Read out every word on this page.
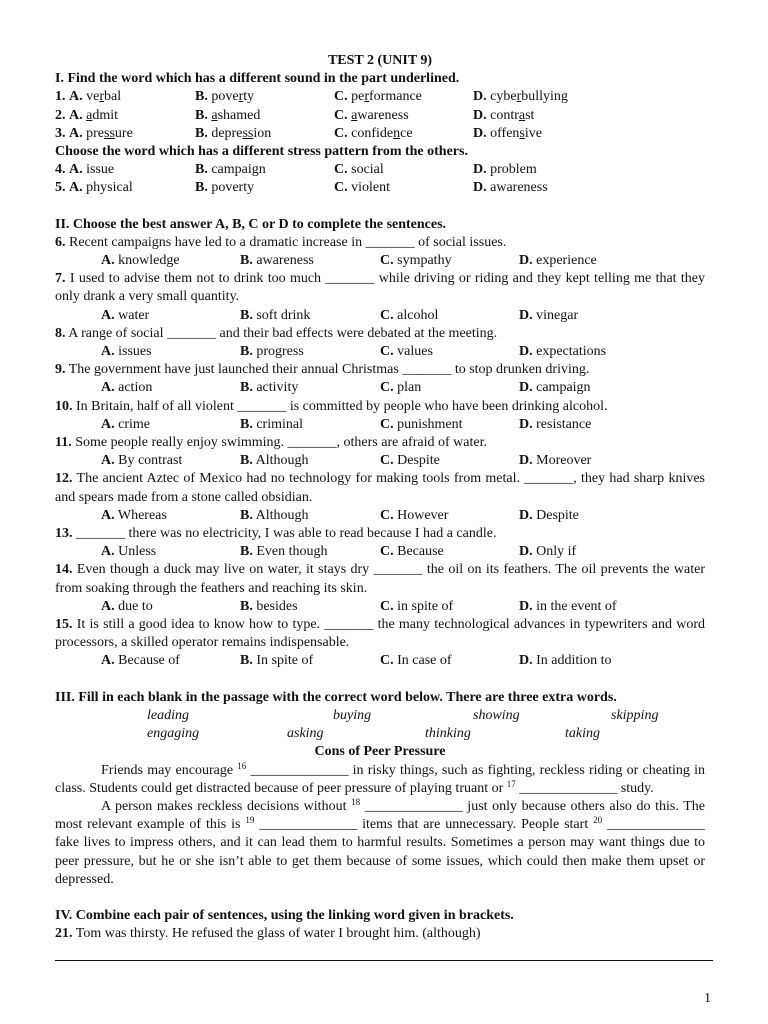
TEST 2 (UNIT 9)
I. Find the word which has a different sound in the part underlined.
1. A. verbal	B. poverty	C. performance	D. cyberbullying
2. A. admit	B. ashamed	C. awareness	D. contrast
3. A. pressure	B. depression	C. confidence	D. offensive
Choose the word which has a different stress pattern from the others.
4. A. issue	B. campaign	C. social	D. problem
5. A. physical	B. poverty	C. violent	D. awareness
II. Choose the best answer A, B, C or D to complete the sentences.
6. Recent campaigns have led to a dramatic increase in _______ of social issues.
A. knowledge	B. awareness	C. sympathy	D. experience
7. I used to advise them not to drink too much _______ while driving or riding and they kept telling me that they only drank a very small quantity.
A. water	B. soft drink	C. alcohol	D. vinegar
8. A range of social _______ and their bad effects were debated at the meeting.
A. issues	B. progress	C. values	D. expectations
9. The government have just launched their annual Christmas _______ to stop drunken driving.
A. action	B. activity	C. plan	D. campaign
10. In Britain, half of all violent _______ is committed by people who have been drinking alcohol.
A. crime	B. criminal	C. punishment	D. resistance
11. Some people really enjoy swimming. _______, others are afraid of water.
A. By contrast	B. Although	C. Despite	D. Moreover
12. The ancient Aztec of Mexico had no technology for making tools from metal. _______, they had sharp knives and spears made from a stone called obsidian.
A. Whereas	B. Although	C. However	D. Despite
13. _______ there was no electricity, I was able to read because I had a candle.
A. Unless	B. Even though	C. Because	D. Only if
14. Even though a duck may live on water, it stays dry _______ the oil on its feathers. The oil prevents the water from soaking through the feathers and reaching its skin.
A. due to	B. besides	C. in spite of	D. in the event of
15. It is still a good idea to know how to type. _______ the many technological advances in typewriters and word processors, a skilled operator remains indispensable.
A. Because of	B. In spite of	C. In case of	D. In addition to
III. Fill in each blank in the passage with the correct word below. There are three extra words.
leading	buying	showing	skipping
engaging	asking	thinking	taking
Cons of Peer Pressure
Friends may encourage $^{16}$ ______________ in risky things, such as fighting, reckless riding or cheating in class. Students could get distracted because of peer pressure of playing truant or $^{17}$ ______________ study.
A person makes reckless decisions without $^{18}$ ______________ just only because others also do this. The most relevant example of this is $^{19}$ ______________ items that are unnecessary. People start $^{20}$ ______________ fake lives to impress others, and it can lead them to harmful results. Sometimes a person may want things due to peer pressure, but he or she isn’t able to get them because of some issues, which could then make them upset or depressed.
IV. Combine each pair of sentences, using the linking word given in brackets.
21. Tom was thirsty. He refused the glass of water I brought him. (although)
1
